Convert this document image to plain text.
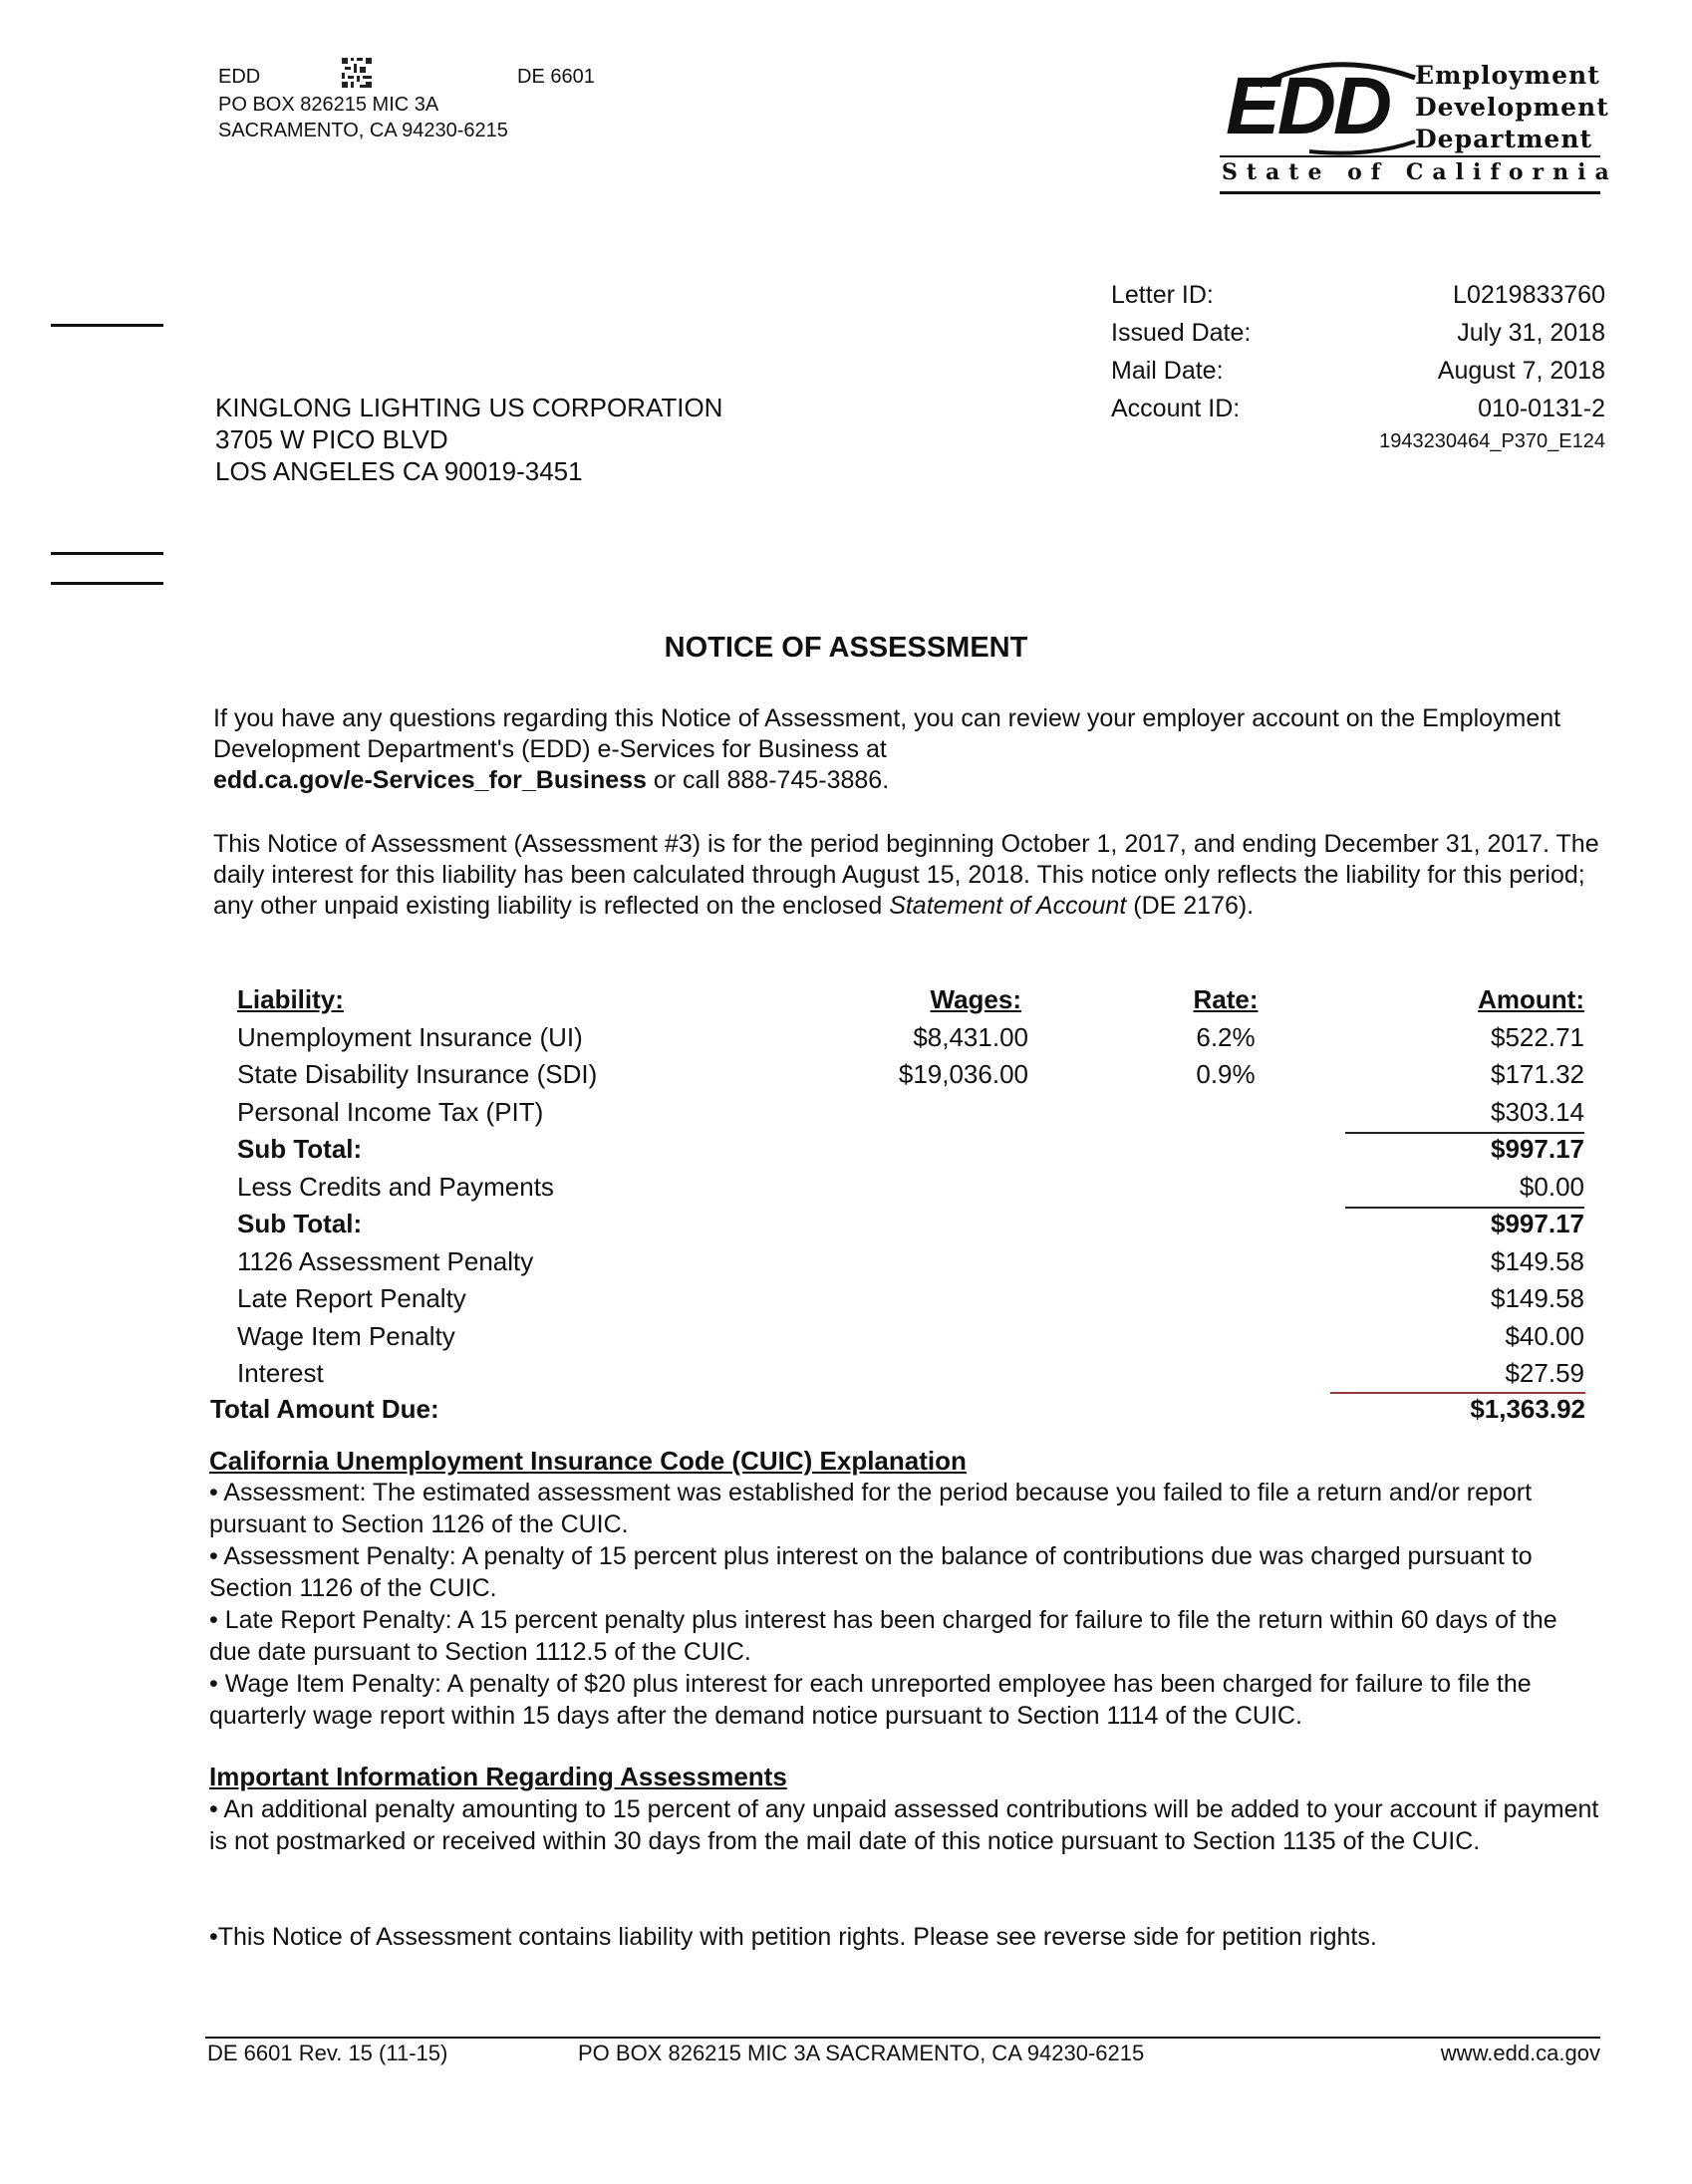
EDD	DE 6601
PO BOX 826215 MIC 3A
SACRAMENTO, CA 94230-6215	EDD Employment
Development
Department
State of California
Letter ID:	L0219833760
Issued Date:	July 31, 2018
Mail Date:	August 7, 2018
Account ID:	010-0131-2
1943230464_P370_E124
KINGLONG LIGHTING US CORPORATION
3705 W PICO BLVD
LOS ANGELES CA 90019-3451
NOTICE OF ASSESSMENT
If you have any questions regarding this Notice of Assessment, you can review your employer account on the Employment Development Department's (EDD) e-Services for Business at
edd.ca.gov/e-Services_for_Business or call 888-745-3886.
This Notice of Assessment (Assessment #3) is for the period beginning October 1, 2017, and ending December 31, 2017. The daily interest for this liability has been calculated through August 15, 2018. This notice only reflects the liability for this period; any other unpaid existing liability is reflected on the enclosed Statement of Account (DE 2176).
Liability:	Wages:	Rate:	Amount:
Unemployment Insurance (UI)	$8,431.00	6.2%	$522.71
State Disability Insurance (SDI)	$19,036.00	0.9%	$171.32
Personal Income Tax (PIT)	$303.14
Sub Total:	$997.17
Less Credits and Payments	$0.00
Sub Total:	$997.17
1126 Assessment Penalty	$149.58
Late Report Penalty	$149.58
Wage Item Penalty	$40.00
Interest	$27.59
Total Amount Due:	$1,363.92
California Unemployment Insurance Code (CUIC) Explanation
• Assessment: The estimated assessment was established for the period because you failed to file a return and/or report pursuant to Section 1126 of the CUIC.
• Assessment Penalty: A penalty of 15 percent plus interest on the balance of contributions due was charged pursuant to Section 1126 of the CUIC.
• Late Report Penalty: A 15 percent penalty plus interest has been charged for failure to file the return within 60 days of the due date pursuant to Section 1112.5 of the CUIC.
• Wage Item Penalty: A penalty of $20 plus interest for each unreported employee has been charged for failure to file the quarterly wage report within 15 days after the demand notice pursuant to Section 1114 of the CUIC.
Important Information Regarding Assessments
• An additional penalty amounting to 15 percent of any unpaid assessed contributions will be added to your account if payment is not postmarked or received within 30 days from the mail date of this notice pursuant to Section 1135 of the CUIC.
•This Notice of Assessment contains liability with petition rights. Please see reverse side for petition rights.
DE 6601 Rev. 15 (11-15)	PO BOX 826215 MIC 3A SACRAMENTO, CA 94230-6215	www.edd.ca.gov
